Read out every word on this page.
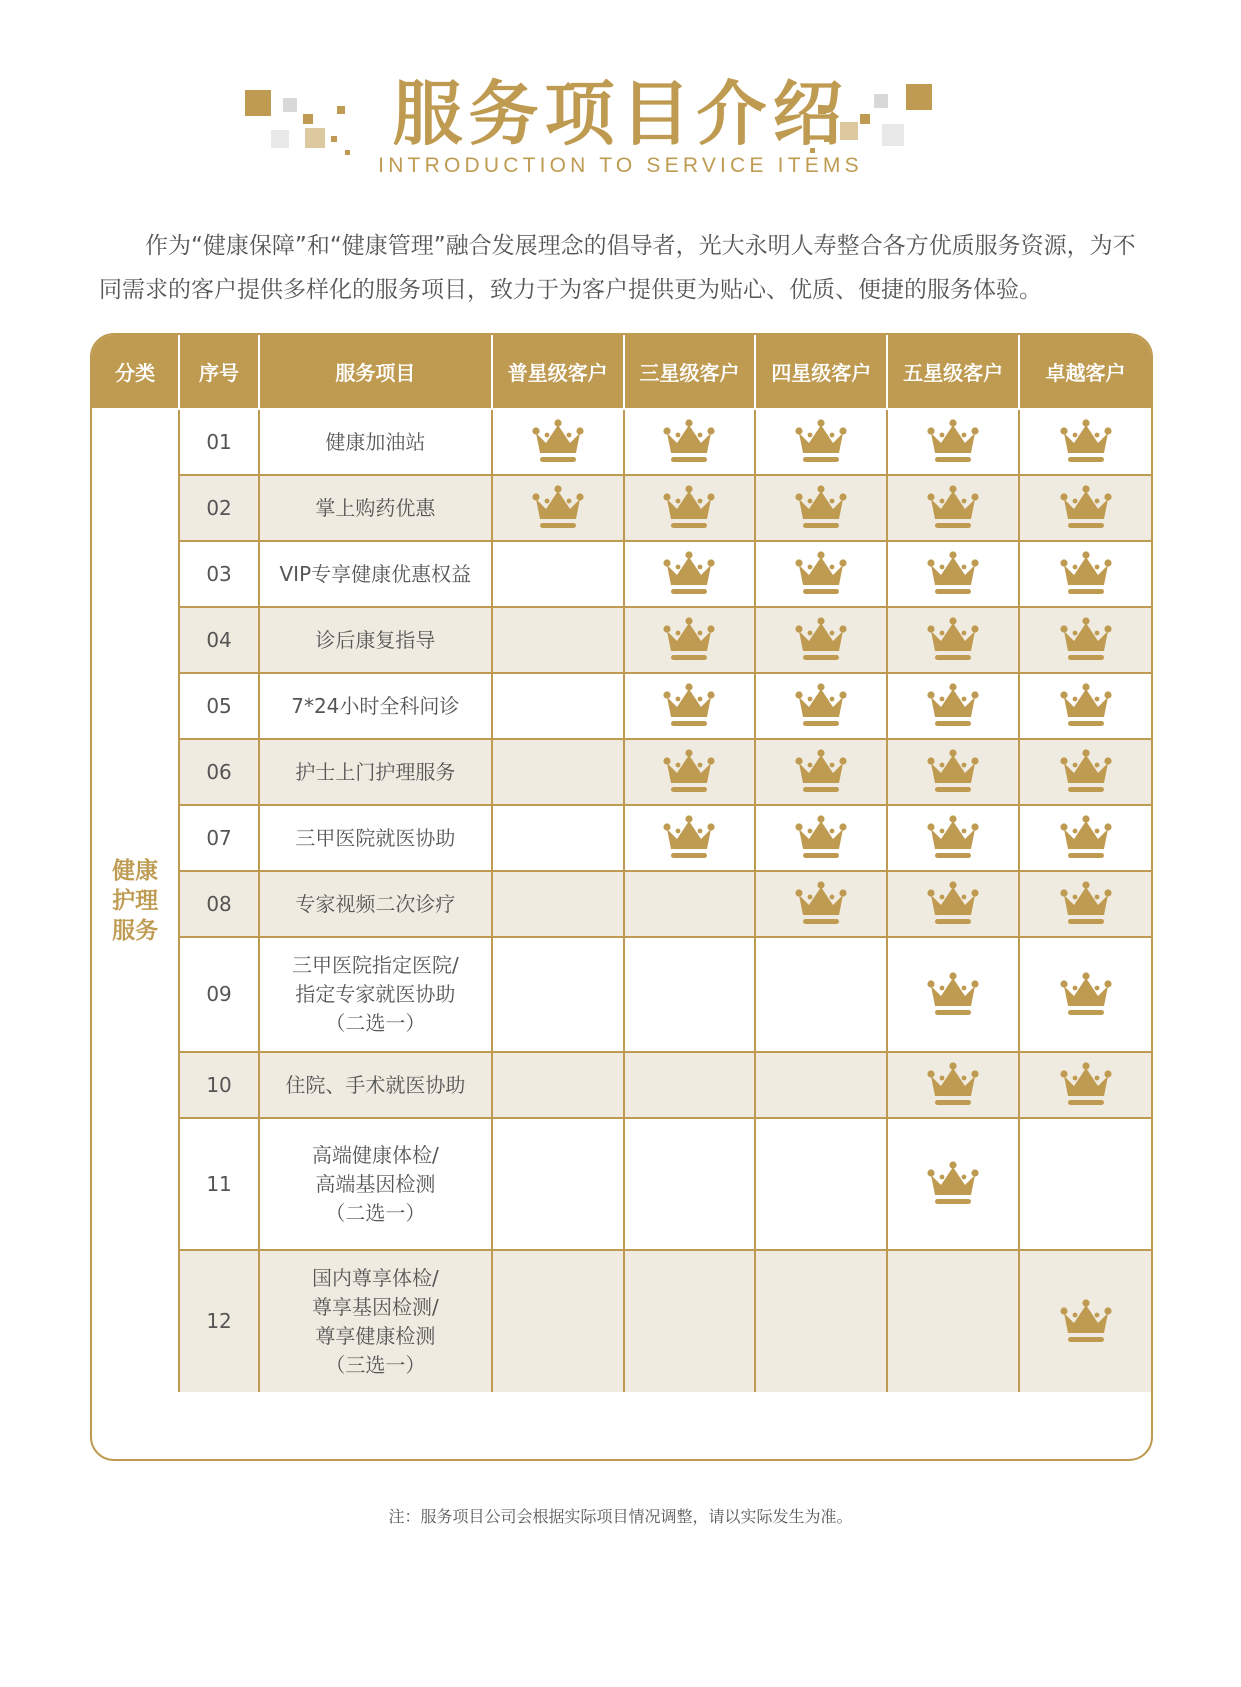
服务项目介绍
INTRODUCTION TO SERVICE ITEMS

作为“健康保障”和“健康管理”融合发展理念的倡导者，光大永明人寿整合各方优质服务资源，为不同需求的客户提供多样化的服务项目，致力于为客户提供更为贴心、优质、便捷的服务体验。

分类	序号	服务项目	普星级客户	三星级客户	四星级客户	五星级客户	卓越客户
健康护理服务	01	健康加油站					
	02	掌上购药优惠					
	03	VIP专享健康优惠权益					
	04	诊后康复指导					
	05	7*24小时全科问诊					
	06	护士上门护理服务					
	07	三甲医院就医协助					
	08	专家视频二次诊疗					
	09	三甲医院指定医院/
指定专家就医协助
（二选一）					
	10	住院、手术就医协助					
	11	高端健康体检/
高端基因检测
（二选一）					
	12	国内尊享体检/
尊享基因检测/
尊享健康检测
（三选一）					
注：服务项目公司会根据实际项目情况调整，请以实际发生为准。
